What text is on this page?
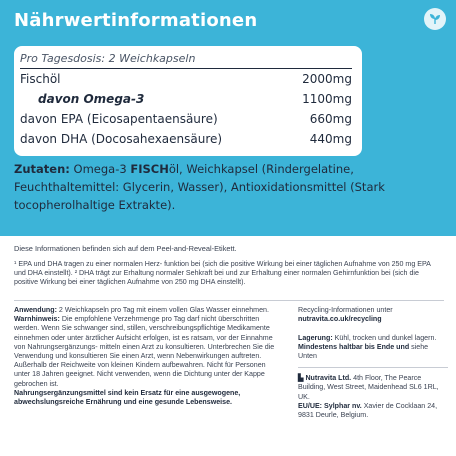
Nährwertinformationen
Pro Tagesdosis: 2 Weichkapseln
Fischöl	2000mg
davon Omega-3	1100mg
davon EPA (Eicosapentaensäure)	660mg
davon DHA (Docosahexaensäure)	440mg
Zutaten: Omega-3 FISCHöl, Weichkapsel (Rindergelatine, Feuchthaltemittel: Glycerin, Wasser), Antioxidationsmittel (Stark tocopherolhaltige Extrakte).
Diese Informationen befinden sich auf dem Peel-and-Reveal-Etikett.
¹ EPA und DHA tragen zu einer normalen Herz- funktion bei (sich die positive Wirkung bei einer täglichen Aufnahme von 250 mg EPA und DHA einstellt). ² DHA trägt zur Erhaltung normaler Sehkraft bei und zur Erhaltung einer normalen Gehirnfunktion bei (sich die positive Wirkung bei einer täglichen Aufnahme von 250 mg DHA einstellt).
Anwendung: 2 Weichkapseln pro Tag mit einem vollen Glas Wasser einnehmen.
Warnhinweis: Die empfohlene Verzehrmenge pro Tag darf nicht überschritten werden. Wenn Sie schwanger sind, stillen, verschreibungspflichtige Medikamente einnehmen oder unter ärztlicher Aufsicht erfolgen, ist es ratsam, vor der Einnahme von Nahrungsergänzungs- mitteln einen Arzt zu konsultieren. Unterbrechen Sie die Verwendung und konsultieren Sie einen Arzt, wenn Nebenwirkungen auftreten. Außerhalb der Reichweite von kleinen Kindern aufbewahren. Nicht für Personen unter 18 Jahren geeignet. Nicht verwenden, wenn die Dichtung unter der Kappe gebrochen ist.
Nahrungsergänzungsmittel sind kein Ersatz für eine ausgewogene, abwechslungsreiche Ernährung und eine gesunde Lebensweise.
Recycling-Informationen unter
nutravita.co.uk/recycling

Lagerung: Kühl, trocken und dunkel lagern. Mindestens haltbar bis Ende und siehe Unten

▙ Nutravita Ltd. 4th Floor, The Pearce Building, West Street, Maidenhead SL6 1RL, UK.
EU/UE: Sylphar nv. Xavier de Cocklaan 24, 9831 Deurle, Belgium.
